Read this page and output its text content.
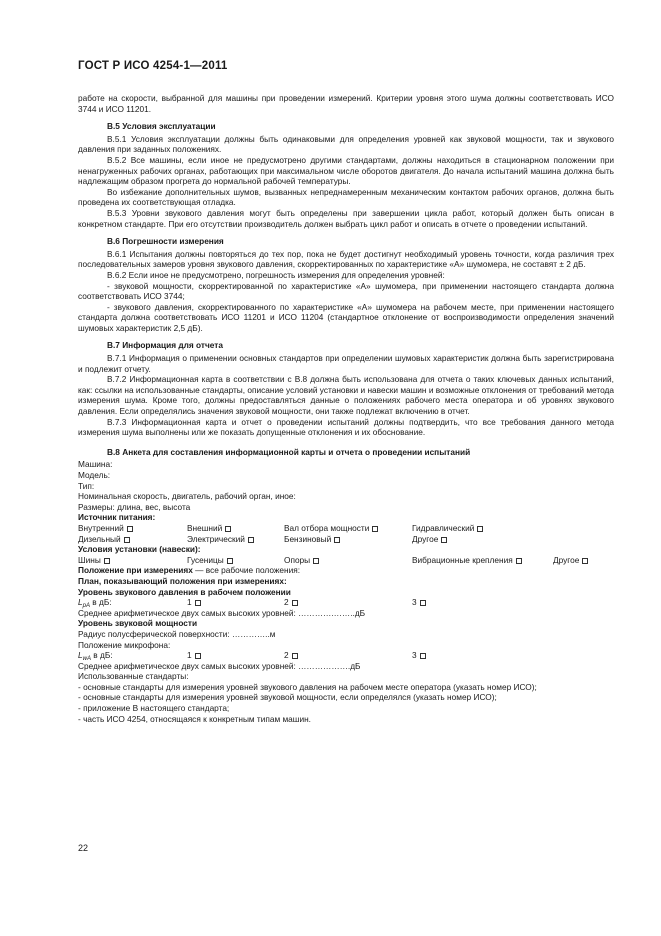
ГОСТ Р ИСО 4254-1—2011

работе на скорости, выбранной для машины при проведении измерений. Критерии уровня этого шума должны соответствовать ИСО 3744 и ИСО 11201.

В.5 Условия эксплуатации

В.5.1 Условия эксплуатации должны быть одинаковыми для определения уровней как звуковой мощности, так и звукового давления при заданных положениях.

В.5.2 Все машины, если иное не предусмотрено другими стандартами, должны находиться в стационарном положении при ненагруженных рабочих органах, работающих при максимальном числе оборотов двигателя. До начала испытаний машина должна быть надлежащим образом прогрета до нормальной рабочей температуры.

Во избежание дополнительных шумов, вызванных непреднамеренным механическим контактом рабочих органов, должна быть проведена их соответствующая отладка.

В.5.3 Уровни звукового давления могут быть определены при завершении цикла работ, который должен быть описан в конкретном стандарте. При его отсутствии производитель должен выбрать цикл работ и описать в отчете о проведении испытаний.

В.6 Погрешности измерения

В.6.1 Испытания должны повторяться до тех пор, пока не будет достигнут необходимый уровень точности, когда различия трех последовательных замеров уровня звукового давления, скорректированных по характеристике «А» шумомера, не составят ± 2 дБ.

В.6.2 Если иное не предусмотрено, погрешность измерения для определения уровней:

- звуковой мощности, скорректированной по характеристике «А» шумомера, при применении настоящего стандарта должна соответствовать ИСО 3744;

- звукового давления, скорректированного по характеристике «А» шумомера на рабочем месте, при применении настоящего стандарта должна соответствовать ИСО 11201 и ИСО 11204 (стандартное отклонение от воспроизводимости определения значений шумовых характеристик 2,5 дБ).

В.7 Информация для отчета

В.7.1 Информация о применении основных стандартов при определении шумовых характеристик должна быть зарегистрирована и подлежит отчету.

В.7.2 Информационная карта в соответствии с В.8 должна быть использована для отчета о таких ключевых данных испытаний, как: ссылки на использованные стандарты, описание условий установки и навески машин и возможные отклонения от требований метода измерения шума. Кроме того, должны предоставляться данные о положениях рабочего места оператора и об уровнях звукового давления. Если определялись значения звуковой мощности, они также подлежат включению в отчет.

В.7.3 Информационная карта и отчет о проведении испытаний должны подтвердить, что все требования данного метода измерения шума выполнены или же показать допущенные отклонения и их обоснование.

В.8 Анкета для составления информационной карты и отчета о проведении испытаний

Машина:

Модель:

Тип:

Номинальная скорость, двигатель, рабочий орган, иное:

Размеры: длина, вес, высота

Источник питания:

Внутренний	Внешний	Вал отбора мощности	Гидравлический
Дизельный	Электрический	Бензиновый	Другое

Условия установки (навески):

Шины	Гусеницы	Опоры	Вибрационные крепления	Другое

Положение при измерениях — все рабочие положения:

План, показывающий положения при измерениях:

Уровень звукового давления в рабочем положении

$L_{pA}$ в дБ:	1	2	3

Среднее арифметическое двух самых высоких уровней: ………….……..дБ

Уровень звуковой мощности

Радиус полусферической поверхности: …………..м

Положение микрофона:

$L_{wA}$ в дБ:	1	2	3

Среднее арифметическое двух самых высоких уровней: ……………….дБ

Использованные стандарты:

- основные стандарты для измерения уровней звукового давления на рабочем месте оператора (указать номер ИСО);

- основные стандарты для измерения уровней звуковой мощности, если определялся (указать номер ИСО);

- приложение В настоящего стандарта;

- часть ИСО 4254, относящаяся к конкретным типам машин.

22
